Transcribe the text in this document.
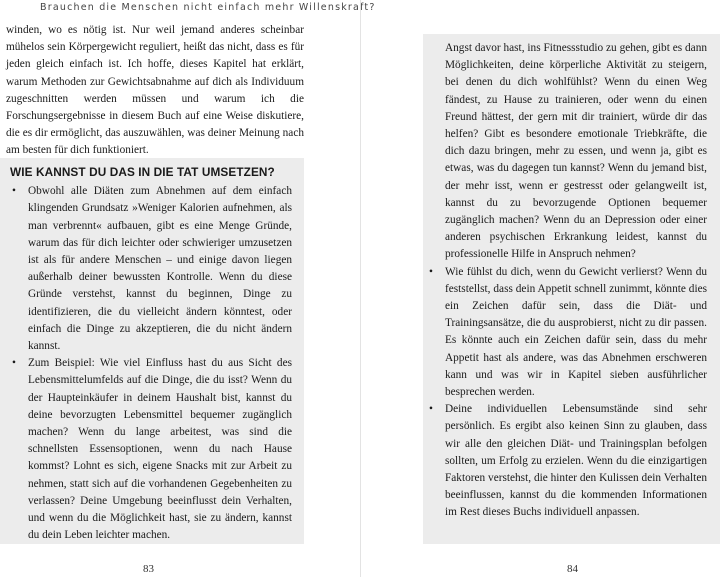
Brauchen die Menschen nicht einfach mehr Willenskraft?

winden, wo es nötig ist. Nur weil jemand anderes scheinbar mühelos sein Körpergewicht reguliert, heißt das nicht, dass es für jeden gleich einfach ist. Ich hoffe, dieses Kapitel hat erklärt, warum Methoden zur Gewichtsabnahme auf dich als Individuum zugeschnitten werden müssen und warum ich die Forschungsergebnisse in diesem Buch auf eine Weise diskutiere, die es dir ermöglicht, das auszuwählen, was deiner Meinung nach am besten für dich funktioniert.

WIE KANNST DU DAS IN DIE TAT UMSETZEN?
• Obwohl alle Diäten zum Abnehmen auf dem einfach klingenden Grundsatz »Weniger Kalorien aufnehmen, als man verbrennt« aufbauen, gibt es eine Menge Gründe, warum das für dich leichter oder schwieriger umzusetzen ist als für andere Menschen – und einige davon liegen außerhalb deiner bewussten Kontrolle. Wenn du diese Gründe verstehst, kannst du beginnen, Dinge zu identifizieren, die du vielleicht ändern könntest, oder einfach die Dinge zu akzeptieren, die du nicht ändern kannst.
• Zum Beispiel: Wie viel Einfluss hast du aus Sicht des Lebensmittelumfelds auf die Dinge, die du isst? Wenn du der Haupteinkäufer in deinem Haushalt bist, kannst du deine bevorzugten Lebensmittel bequemer zugänglich machen? Wenn du lange arbeitest, was sind die schnellsten Essensoptionen, wenn du nach Hause kommst? Lohnt es sich, eigene Snacks mit zur Arbeit zu nehmen, statt sich auf die vorhandenen Gegebenheiten zu verlassen? Deine Umgebung beeinflusst dein Verhalten, und wenn du die Möglichkeit hast, sie zu ändern, kannst du dein Leben leichter machen.
83

Angst davor hast, ins Fitnessstudio zu gehen, gibt es dann Möglichkeiten, deine körperliche Aktivität zu steigern, bei denen du dich wohlfühlst? Wenn du einen Weg fändest, zu Hause zu trainieren, oder wenn du einen Freund hättest, der gern mit dir trainiert, würde dir das helfen? Gibt es besondere emotionale Triebkräfte, die dich dazu bringen, mehr zu essen, und wenn ja, gibt es etwas, was du dagegen tun kannst? Wenn du jemand bist, der mehr isst, wenn er gestresst oder gelangweilt ist, kannst du zu bevorzugende Optionen bequemer zugänglich machen? Wenn du an Depression oder einer anderen psychischen Erkrankung leidest, kannst du professionelle Hilfe in Anspruch nehmen?

• Wie fühlst du dich, wenn du Gewicht verlierst? Wenn du feststellst, dass dein Appetit schnell zunimmt, könnte dies ein Zeichen dafür sein, dass die Diät- und Trainingsansätze, die du ausprobierst, nicht zu dir passen. Es könnte auch ein Zeichen dafür sein, dass du mehr Appetit hast als andere, was das Abnehmen erschweren kann und was wir in Kapitel sieben ausführlicher besprechen werden.
• Deine individuellen Lebensumstände sind sehr persönlich. Es ergibt also keinen Sinn zu glauben, dass wir alle den gleichen Diät- und Trainingsplan befolgen sollten, um Erfolg zu erzielen. Wenn du die einzigartigen Faktoren verstehst, die hinter den Kulissen dein Verhalten beeinflussen, kannst du die kommenden Informationen im Rest dieses Buchs individuell anpassen.
84
